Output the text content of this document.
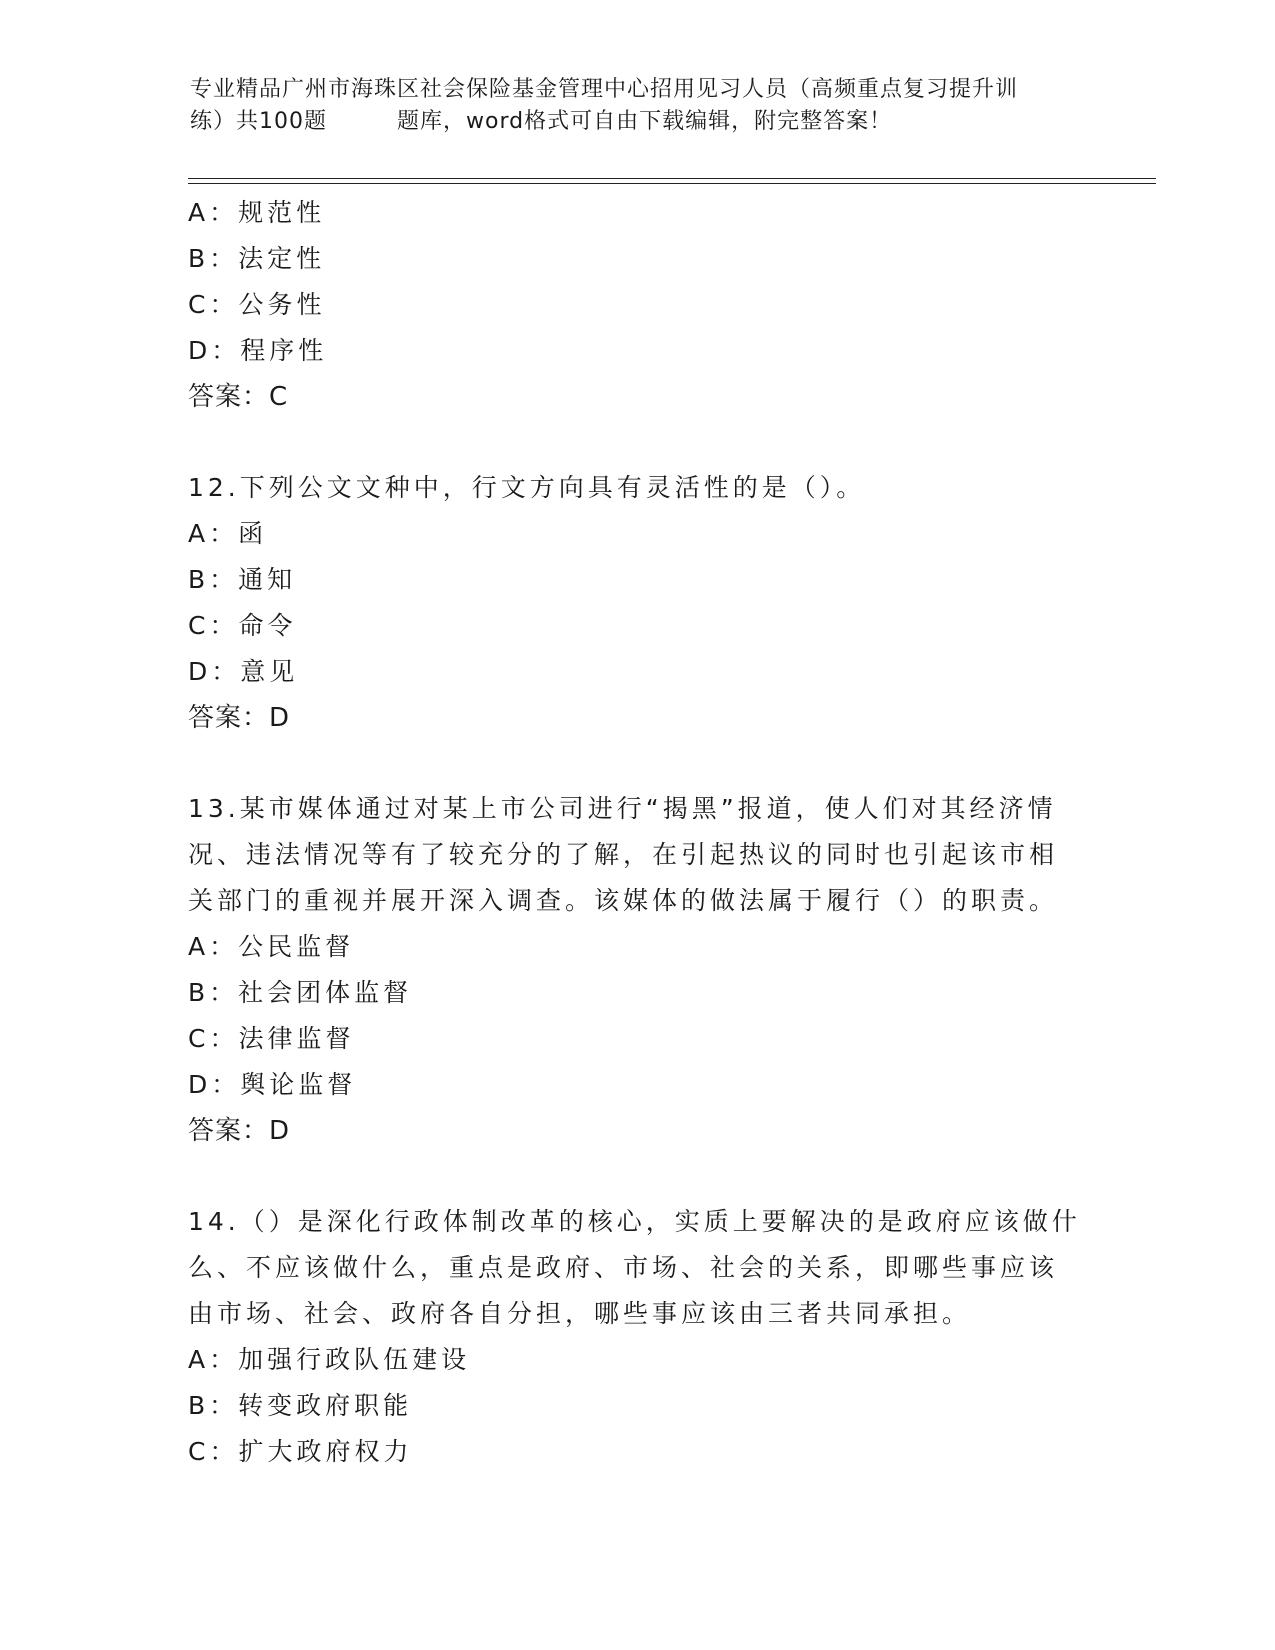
专业精品广州市海珠区社会保险基金管理中心招用见习人员（高频重点复习提升训
练）共100题	题库，word格式可自由下载编辑，附完整答案！
A：规范性
B：法定性
C：公务性
D：程序性
答案：C
12.下列公文文种中，行文方向具有灵活性的是（）。
A：函
B：通知
C：命令
D：意见
答案：D
13.某市媒体通过对某上市公司进行“揭黑”报道，使人们对其经济情
况、违法情况等有了较充分的了解，在引起热议的同时也引起该市相
关部门的重视并展开深入调查。该媒体的做法属于履行（）的职责。
A：公民监督
B：社会团体监督
C：法律监督
D：舆论监督
答案：D
14.（）是深化行政体制改革的核心，实质上要解决的是政府应该做什
么、不应该做什么，重点是政府、市场、社会的关系，即哪些事应该
由市场、社会、政府各自分担，哪些事应该由三者共同承担。
A：加强行政队伍建设
B：转变政府职能
C：扩大政府权力
